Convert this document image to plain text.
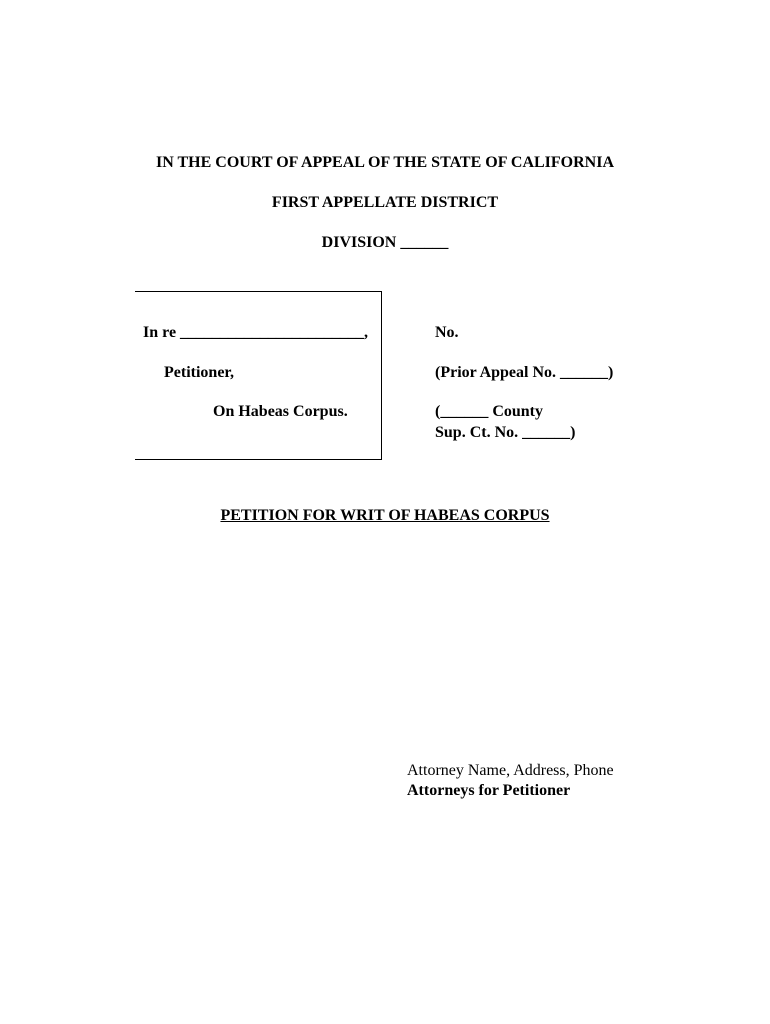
IN THE COURT OF APPEAL OF THE STATE OF CALIFORNIA
FIRST APPELLATE DISTRICT
DIVISION ______
In re _______________________,
Petitioner,
On Habeas Corpus.
No.
(Prior Appeal No. ______)
(______ County
Sup. Ct. No. ______)
PETITION FOR WRIT OF HABEAS CORPUS
Attorney Name, Address, Phone
Attorneys for Petitioner
